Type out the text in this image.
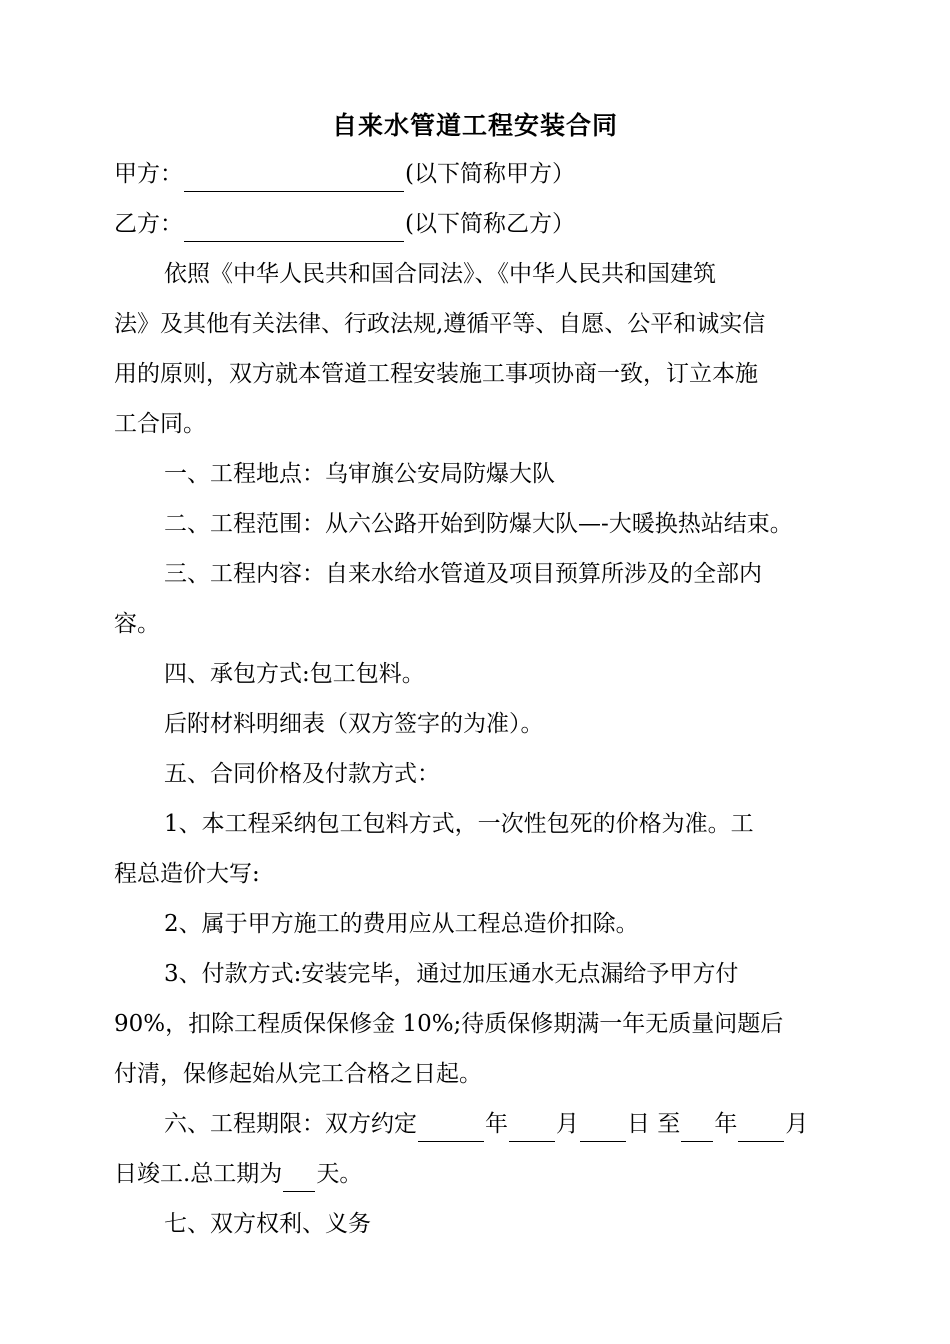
自来水管道工程安装合同
甲方：	(以下简称甲方）
乙方：	(以下简称乙方）
依照《中华人民共和国合同法》、《中华人民共和国建筑
法》及其他有关法律、行政法规,遵循平等、自愿、公平和诚实信
用的原则，双方就本管道工程安装施工事项协商一致，订立本施
工合同。
一、工程地点：乌审旗公安局防爆大队
二、工程范围：从六公路开始到防爆大队—-大暖换热站结束。
三、工程内容：自来水给水管道及项目预算所涉及的全部内
容。
四、承包方式:包工包料。
后附材料明细表（双方签字的为准）。
五、合同价格及付款方式：
1、本工程采纳包工包料方式，一次性包死的价格为准。工
程总造价大写:
2、属于甲方施工的费用应从工程总造价扣除。
3、付款方式:安装完毕，通过加压通水无点漏给予甲方付
90%，扣除工程质保保修金 10%;待质保修期满一年无质量问题后
付清，保修起始从完工合格之日起。
六、工程期限：双方约定	年 月 日 至 年 月
日竣工.总工期为 天。
七、双方权利、义务
